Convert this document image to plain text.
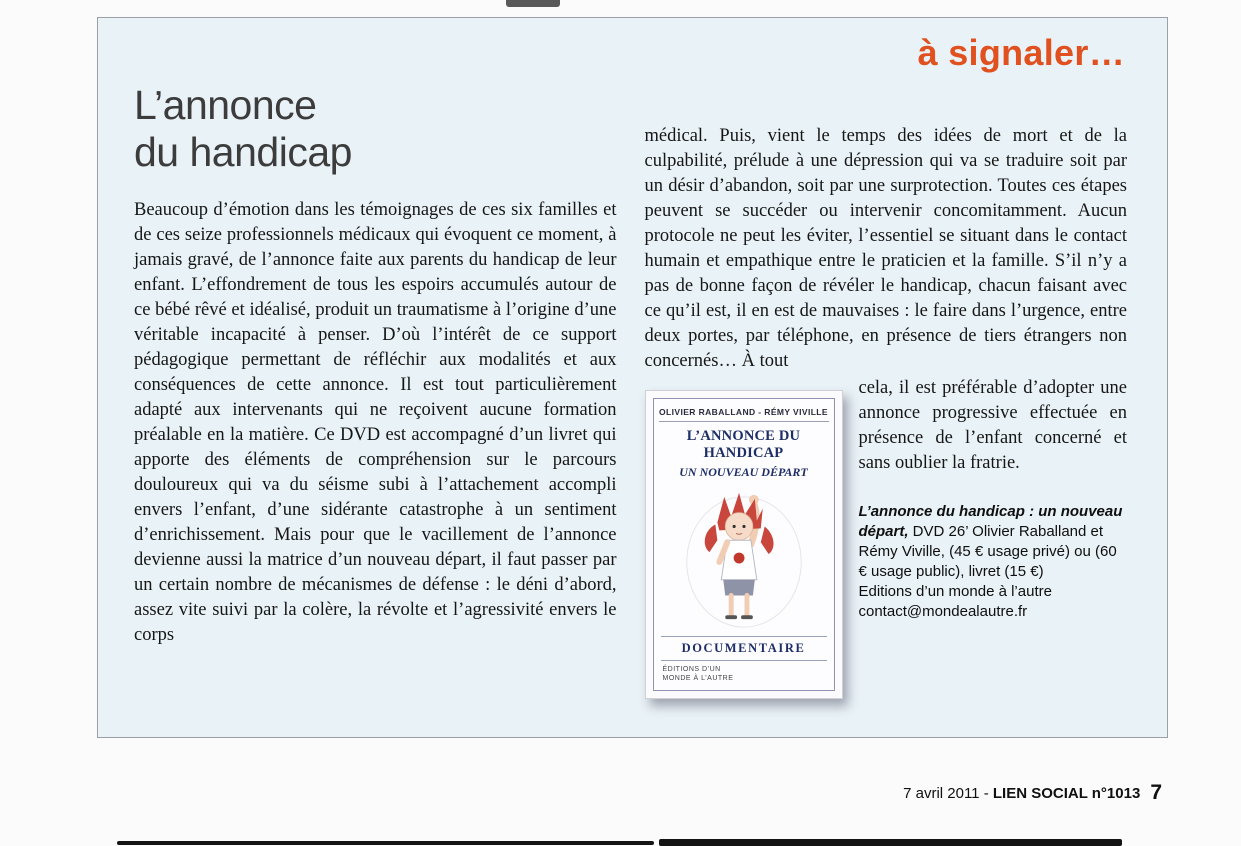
à signaler…
L’annonce
du handicap

Beaucoup d’émotion dans les témoignages de ces six familles et de ces seize professionnels médicaux qui évoquent ce moment, à jamais gravé, de l’annonce faite aux parents du handicap de leur enfant. L’effondrement de tous les espoirs accumulés autour de ce bébé rêvé et idéalisé, produit un traumatisme à l’origine d’une véritable incapacité à penser. D’où l’intérêt de ce support pédagogique permettant de réfléchir aux modalités et aux conséquences de cette annonce. Il est tout particulièrement adapté aux intervenants qui ne reçoivent aucune formation préalable en la matière. Ce DVD est accompagné d’un livret qui apporte des éléments de compréhension sur le parcours douloureux qui va du séisme subi à l’attachement accompli envers l’enfant, d’une sidérante catastrophe à un sentiment d’enrichissement. Mais pour que le vacillement de l’annonce devienne aussi la matrice d’un nouveau départ, il faut passer par un certain nombre de mécanismes de défense : le déni d’abord, assez vite suivi par la colère, la révolte et l’agressivité envers le corps

médical. Puis, vient le temps des idées de mort et de la culpabilité, prélude à une dépression qui va se traduire soit par un désir d’abandon, soit par une surprotection. Toutes ces étapes peuvent se succéder ou intervenir concomitamment. Aucun protocole ne peut les éviter, l’essentiel se situant dans le contact humain et empathique entre le praticien et la famille. S’il n’y a pas de bonne façon de révéler le handicap, chacun faisant avec ce qu’il est, il en est de mauvaises : le faire dans l’urgence, entre deux portes, par téléphone, en présence de tiers étrangers non concernés… À tout

OLIVIER RABALLAND - RÉMY VIVILLE
L’ANNONCE DU HANDICAP
UN NOUVEAU DÉPART
DOCUMENTAIRE
ÉDITIONS D’UN MONDE À L’AUTRE

cela, il est préférable d’adopter une annonce progressive effectuée en présence de l’enfant concerné et sans oublier la fratrie.

L’annonce du handicap : un nouveau départ, DVD 26’ Olivier Raballand et Rémy Viville, (45 € usage privé) ou (60 € usage public), livret (15 €)

Editions d’un monde à l’autre
contact@mondealautre.fr
7 avril 2011 - LIEN SOCIAL n°1013 7
